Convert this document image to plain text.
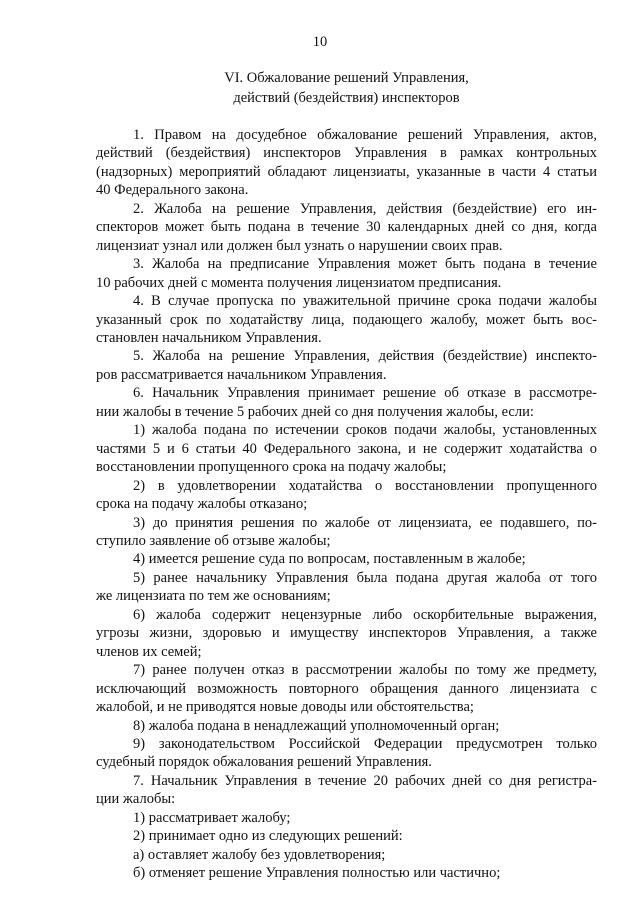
10
VI. Обжалование решений Управления,
действий (бездействия) инспекторов
1. Правом на досудебное обжалование решений Управления, актов,
действий (бездействия) инспекторов Управления в рамках контрольных
(надзорных) мероприятий обладают лицензиаты, указанные в части 4 статьи
40 Федерального закона.
2. Жалоба на решение Управления, действия (бездействие) его ин-
спекторов может быть подана в течение 30 календарных дней со дня, когда
лицензиат узнал или должен был узнать о нарушении своих прав.
3. Жалоба на предписание Управления может быть подана в течение
10 рабочих дней с момента получения лицензиатом предписания.
4. В случае пропуска по уважительной причине срока подачи жалобы
указанный срок по ходатайству лица, подающего жалобу, может быть вос-
становлен начальником Управления.
5. Жалоба на решение Управления, действия (бездействие) инспекто-
ров рассматривается начальником Управления.
6. Начальник Управления принимает решение об отказе в рассмотре-
нии жалобы в течение 5 рабочих дней со дня получения жалобы, если:
1) жалоба подана по истечении сроков подачи жалобы, установленных
частями 5 и 6 статьи 40 Федерального закона, и не содержит ходатайства о
восстановлении пропущенного срока на подачу жалобы;
2) в удовлетворении ходатайства о восстановлении пропущенного
срока на подачу жалобы отказано;
3) до принятия решения по жалобе от лицензиата, ее подавшего, по-
ступило заявление об отзыве жалобы;
4) имеется решение суда по вопросам, поставленным в жалобе;
5) ранее начальнику Управления была подана другая жалоба от того
же лицензиата по тем же основаниям;
6) жалоба содержит нецензурные либо оскорбительные выражения,
угрозы жизни, здоровью и имуществу инспекторов Управления, а также
членов их семей;
7) ранее получен отказ в рассмотрении жалобы по тому же предмету,
исключающий возможность повторного обращения данного лицензиата с
жалобой, и не приводятся новые доводы или обстоятельства;
8) жалоба подана в ненадлежащий уполномоченный орган;
9) законодательством Российской Федерации предусмотрен только
судебный порядок обжалования решений Управления.
7. Начальник Управления в течение 20 рабочих дней со дня регистра-
ции жалобы:
1) рассматривает жалобу;
2) принимает одно из следующих решений:
а) оставляет жалобу без удовлетворения;
б) отменяет решение Управления полностью или частично;
